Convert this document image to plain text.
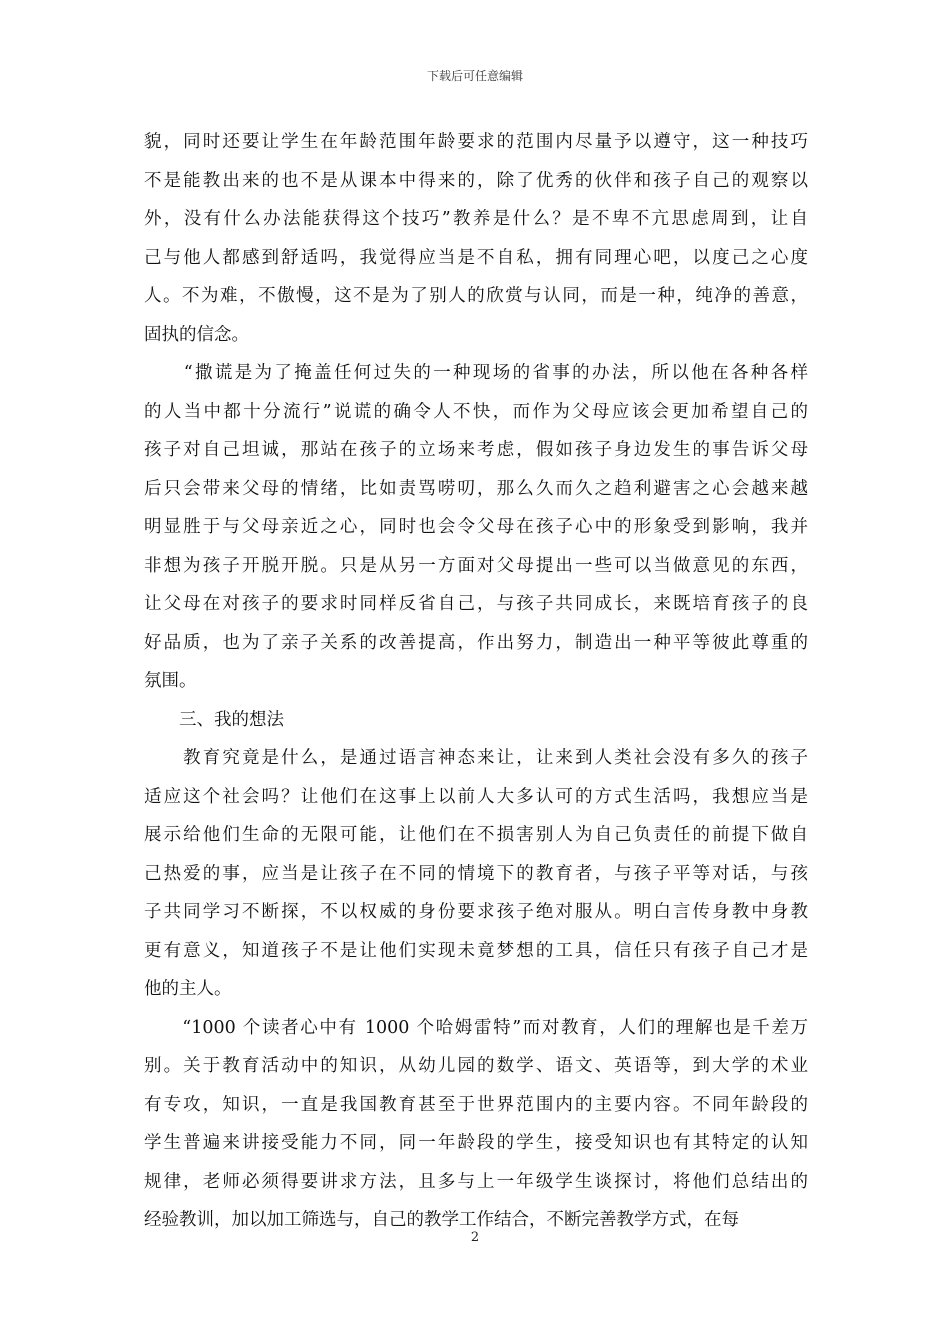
下载后可任意编辑
貌，同时还要让学生在年龄范围年龄要求的范围内尽量予以遵守，这一种技巧
不是能教出来的也不是从课本中得来的，除了优秀的伙伴和孩子自己的观察以
外，没有什么办法能获得这个技巧”教养是什么？是不卑不亢思虑周到，让自
己与他人都感到舒适吗，我觉得应当是不自私，拥有同理心吧，以度己之心度
人。不为难，不傲慢，这不是为了别人的欣赏与认同，而是一种，纯净的善意，
固执的信念。
　　“撒谎是为了掩盖任何过失的一种现场的省事的办法，所以他在各种各样
的人当中都十分流行”说谎的确令人不快，而作为父母应该会更加希望自己的
孩子对自己坦诚，那站在孩子的立场来考虑，假如孩子身边发生的事告诉父母
后只会带来父母的情绪，比如责骂唠叨，那么久而久之趋利避害之心会越来越
明显胜于与父母亲近之心，同时也会令父母在孩子心中的形象受到影响，我并
非想为孩子开脱开脱。只是从另一方面对父母提出一些可以当做意见的东西，
让父母在对孩子的要求时同样反省自己，与孩子共同成长，来既培育孩子的良
好品质，也为了亲子关系的改善提高，作出努力，制造出一种平等彼此尊重的
氛围。
　　三、我的想法
　　教育究竟是什么，是通过语言神态来让，让来到人类社会没有多久的孩子
适应这个社会吗？让他们在这事上以前人大多认可的方式生活吗，我想应当是
展示给他们生命的无限可能，让他们在不损害别人为自己负责任的前提下做自
己热爱的事，应当是让孩子在不同的情境下的教育者，与孩子平等对话，与孩
子共同学习不断探，不以权威的身份要求孩子绝对服从。明白言传身教中身教
更有意义，知道孩子不是让他们实现未竟梦想的工具，信任只有孩子自己才是
他的主人。
　　“1000 个读者心中有 1000 个哈姆雷特”而对教育，人们的理解也是千差万
别。关于教育活动中的知识，从幼儿园的数学、语文、英语等，到大学的术业
有专攻，知识，一直是我国教育甚至于世界范围内的主要内容。不同年龄段的
学生普遍来讲接受能力不同，同一年龄段的学生，接受知识也有其特定的认知
规律，老师必须得要讲求方法，且多与上一年级学生谈探讨，将他们总结出的
经验教训，加以加工筛选与，自己的教学工作结合，不断完善教学方式，在每
2
